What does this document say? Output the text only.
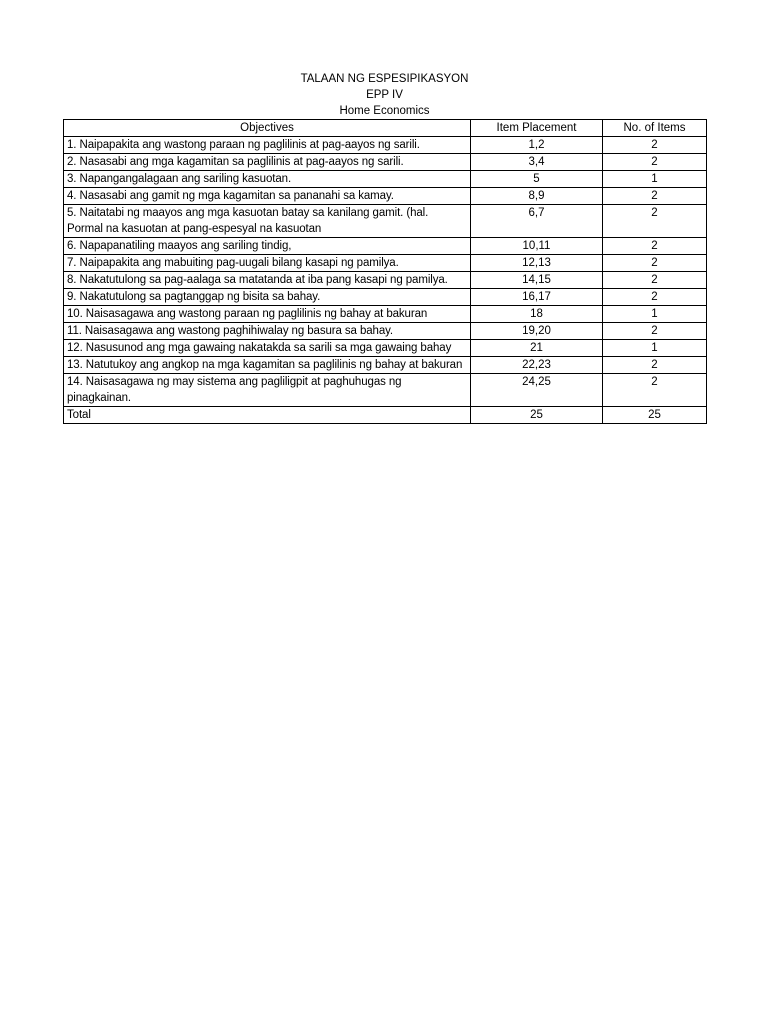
TALAAN NG ESPESIPIKASYON
EPP IV
Home Economics
Objectives	Item Placement	No. of Items
1. Naipapakita ang wastong paraan ng paglilinis at pag-aayos ng sarili.	1,2	2
2. Nasasabi ang mga kagamitan sa paglilinis at pag-aayos ng sarili.	3,4	2
3. Napangangalagaan ang sariling kasuotan.	5	1
4. Nasasabi ang gamit ng mga kagamitan sa pananahi sa kamay.	8,9	2
5. Naitatabi ng maayos ang mga kasuotan batay sa kanilang gamit. (hal. Pormal na kasuotan at pang-espesyal na kasuotan	6,7	2
6. Napapanatiling maayos ang sariling tindig,	10,11	2
7. Naipapakita ang mabuiting pag-uugali bilang kasapi ng pamilya.	12,13	2
8. Nakatutulong sa pag-aalaga sa matatanda at iba pang kasapi ng pamilya.	14,15	2
9. Nakatutulong sa pagtanggap ng bisita sa bahay.	16,17	2
10. Naisasagawa ang wastong paraan ng paglilinis ng bahay at bakuran	18	1
11. Naisasagawa ang wastong paghihiwalay ng basura sa bahay.	19,20	2
12. Nasusunod ang mga gawaing nakatakda sa sarili sa mga gawaing bahay	21	1
13. Natutukoy ang angkop na mga kagamitan sa paglilinis ng bahay at bakuran	22,23	2
14. Naisasagawa ng may sistema ang pagliligpit at paghuhugas ng pinagkainan.	24,25	2
Total	25	25
